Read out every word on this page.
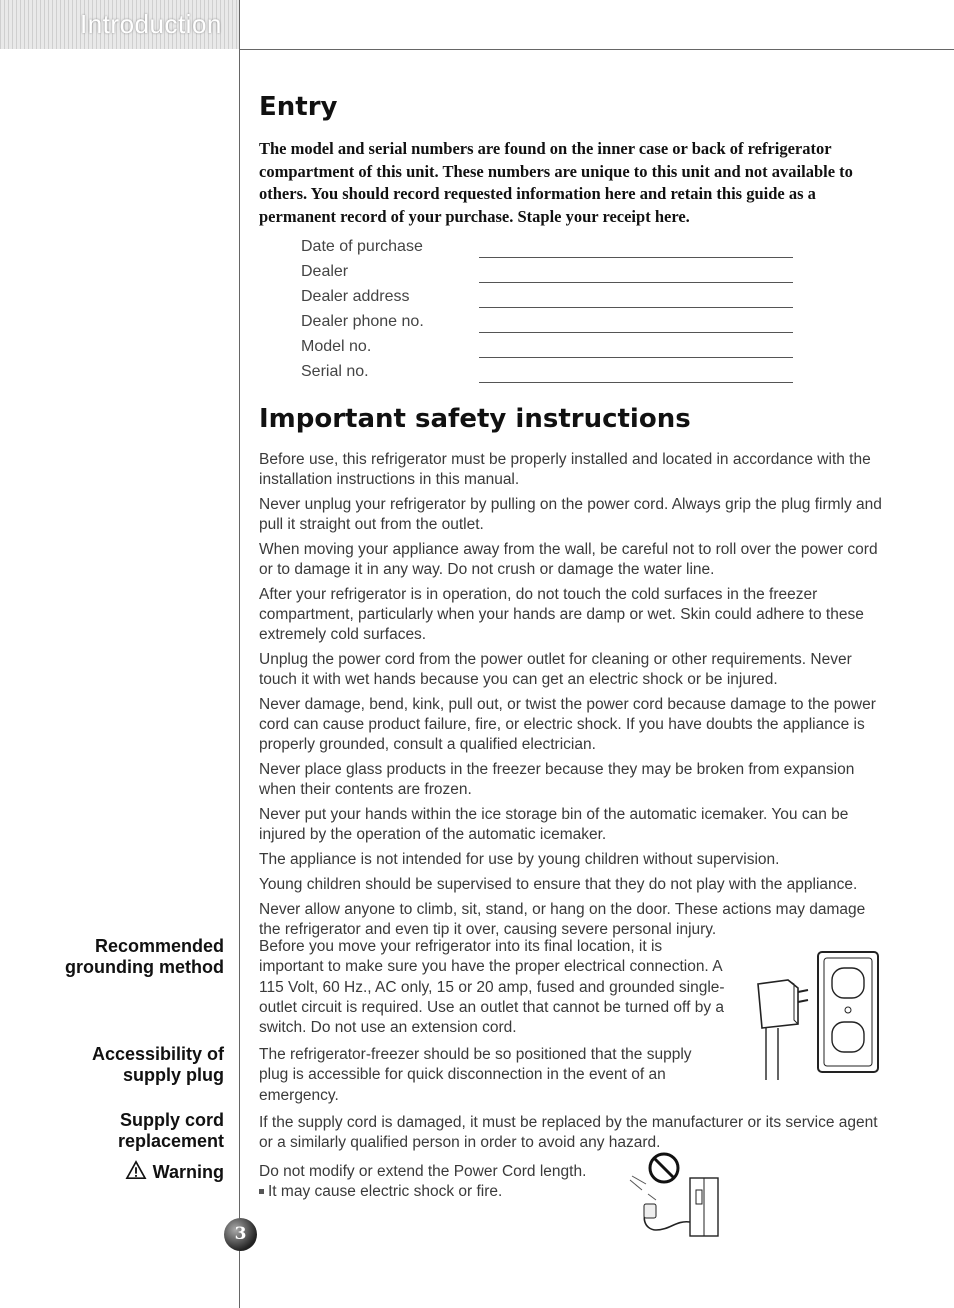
Introduction
Entry

The model and serial numbers are found on the inner case or back of refrigerator compartment of this unit. These numbers are unique to this unit and not available to others. You should record requested information here and retain this guide as a permanent record of your purchase. Staple your receipt here.

Date of purchase
Dealer
Dealer address
Dealer phone no.
Model no.
Serial no.
Important safety instructions

Before use, this refrigerator must be properly installed and located in accordance with the installation instructions in this manual.

Never unplug your refrigerator by pulling on the power cord. Always grip the plug firmly and pull it straight out from the outlet.

When moving your appliance away from the wall, be careful not to roll over the power cord or to damage it in any way. Do not crush or damage the water line.

After your refrigerator is in operation, do not touch the cold surfaces in the freezer compartment, particularly when your hands are damp or wet. Skin could adhere to these extremely cold surfaces.

Unplug the power cord from the power outlet for cleaning or other requirements. Never touch it with wet hands because you can get an electric shock or be injured.

Never damage, bend, kink, pull out, or twist the power cord because damage to the power cord can cause product failure, fire, or electric shock. If you have doubts the appliance is properly grounded, consult a qualified electrician.

Never place glass products in the freezer because they may be broken from expansion when their contents are frozen.

Never put your hands within the ice storage bin of the automatic icemaker. You can be injured by the operation of the automatic icemaker.

The appliance is not intended for use by young children without supervision.

Young children should be supervised to ensure that they do not play with the appliance.

Never allow anyone to climb, sit, stand, or hang on the door. These actions may damage the refrigerator and even tip it over, causing severe personal injury.

Recommended grounding method
Accessibility of supply plug
Supply cord replacement
Warning

Before you move your refrigerator into its final location, it is important to make sure you have the proper electrical connection. A 115 Volt, 60 Hz., AC only, 15 or 20 amp, fused and grounded single-outlet circuit is required. Use an outlet that cannot be turned off by a switch. Do not use an extension cord.

The refrigerator-freezer should be so positioned that the supply plug is accessible for quick disconnection in the event of an emergency.

If the supply cord is damaged, it must be replaced by the manufacturer or its service agent or a similarly qualified person in order to avoid any hazard.

Do not modify or extend the Power Cord length.

It may cause electric shock or fire.

3
